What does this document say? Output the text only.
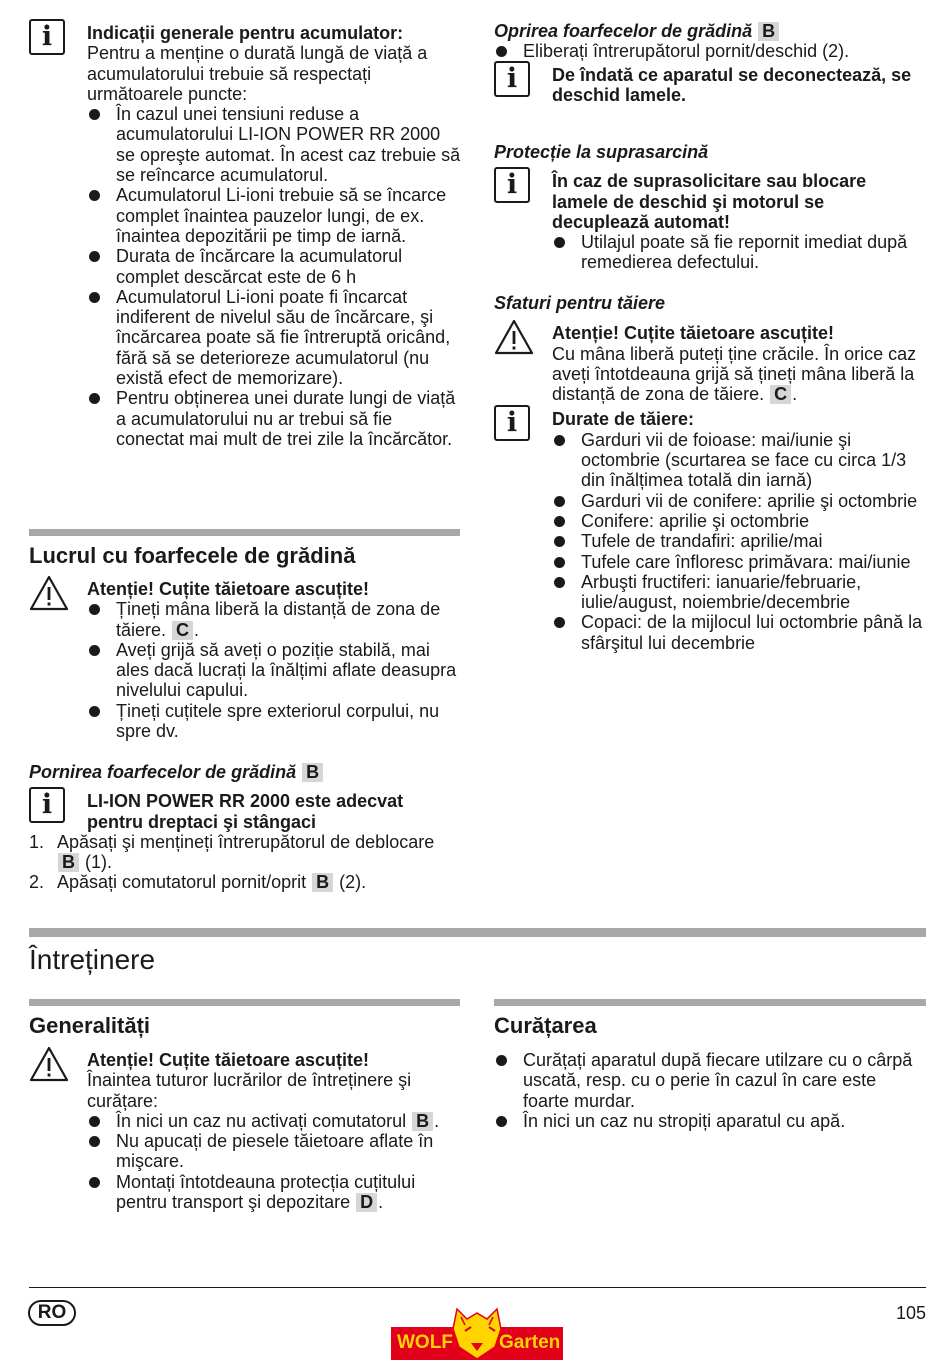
i	Indicații generale pentru acumulator:
Pentru a menține o durată lungă de viață a acumulatorului trebuie să respectați următoarele puncte:
În cazul unei tensiuni reduse a acumulatorului LI-ION POWER RR 2000 se opreşte automat. În acest caz trebuie să se reîncarce acumulatorul.
Acumulatorul Li-ioni trebuie să se încarce complet înaintea pauzelor lungi, de ex. înaintea depozitării pe timp de iarnă.
Durata de încărcare la acumulatorul complet descărcat este de 6 h
Acumulatorul Li-ioni poate fi încarcat indiferent de nivelul său de încărcare, şi încărcarea poate să fie întreruptă oricând, fără să se deterioreze acumulatorul (nu există efect de memorizare).
Pentru obținerea unei durate lungi de viață a acumulatorului nu ar trebui să fie conectat mai mult de trei zile la încărcător.
Lucrul cu foarfecele de grădină
Atenție! Cuțite tăietoare ascuțite!
Țineți mâna liberă la distanță de zona de tăiere. C .
Aveți grijă să aveți o poziție stabilă, mai ales dacă lucrați la înălțimi aflate deasupra nivelului capului.
Țineți cuțitele spre exteriorul corpului, nu spre dv.
Pornirea foarfecelor de grădină B
i	LI-ION POWER RR 2000 este adecvat pentru dreptaci şi stângaci
1. Apăsați şi mențineți întrerupătorul de deblocare B (1).
2. Apăsați comutatorul pornit/oprit B (2).
Oprirea foarfecelor de grădină B
Eliberați întrerupătorul pornit/deschid (2).
i	De îndată ce aparatul se deconectează, se deschid lamele.
Protecție la suprasarcină
i	În caz de suprasolicitare sau blocare lamele de deschid şi motorul se decuplează automat!
Utilajul poate să fie repornit imediat după remedierea defectului.
Sfaturi pentru tăiere
Atenție! Cuțite tăietoare ascuțite!
Cu mâna liberă puteți ține crăcile. În orice caz aveți întotdeauna grijă să țineți mâna liberă la distanță de zona de tăiere. C .
i	Durate de tăiere:
Garduri vii de foioase: mai/iunie şi octombrie (scurtarea se face cu circa 1/3 din înălțimea totală din iarnă)
Garduri vii de conifere: aprilie şi octombrie
Conifere: aprilie şi octombrie
Tufele de trandafiri: aprilie/mai
Tufele care înfloresc primăvara: mai/iunie
Arbuşti fructiferi: ianuarie/februarie, iulie/august, noiembrie/decembrie
Copaci: de la mijlocul lui octombrie până la sfârşitul lui decembrie
Întreținere
Generalități	Curățarea
Atenție! Cuțite tăietoare ascuțite!
Înaintea tuturor lucrărilor de întreținere şi curățare:
În nici un caz nu activați comutatorul B .
Nu apucați de piesele tăietoare aflate în mişcare.
Montați întotdeauna protecția cuțitului pentru transport şi depozitare D .
Curățați aparatul după fiecare utilzare cu o cârpă uscată, resp. cu o perie în cazul în care este foarte murdar.
În nici un caz nu stropiți aparatul cu apă.
RO	105
WOLF Garten
